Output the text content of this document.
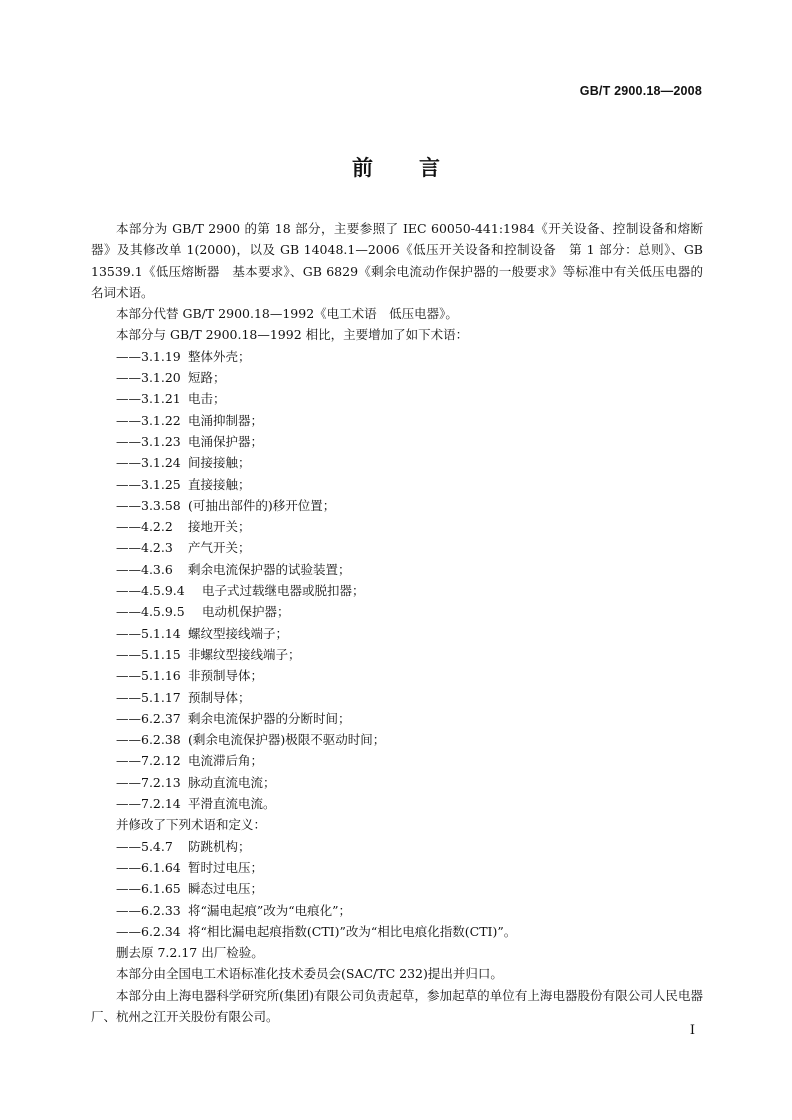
GB/T 2900.18—2008
前言

本部分为 GB/T 2900 的第 18 部分，主要参照了 IEC 60050-441:1984《开关设备、控制设备和熔断器》及其修改单 1(2000)，以及 GB 14048.1—2006《低压开关设备和控制设备　第 1 部分：总则》、GB 13539.1《低压熔断器　基本要求》、GB 6829《剩余电流动作保护器的一般要求》等标准中有关低压电器的名词术语。

本部分代替 GB/T 2900.18—1992《电工术语　低压电器》。

本部分与 GB/T 2900.18—1992 相比，主要增加了如下术语：

——3.1.19 整体外壳；

——3.1.20 短路；

——3.1.21 电击；

——3.1.22 电涌抑制器；

——3.1.23 电涌保护器；

——3.1.24 间接接触；

——3.1.25 直接接触；

——3.3.58 (可抽出部件的)移开位置；

——4.2.2 接地开关；

——4.2.3 产气开关；

——4.3.6 剩余电流保护器的试验装置；

——4.5.9.4 电子式过载继电器或脱扣器；

——4.5.9.5 电动机保护器；

——5.1.14 螺纹型接线端子；

——5.1.15 非螺纹型接线端子；

——5.1.16 非预制导体；

——5.1.17 预制导体；

——6.2.37 剩余电流保护器的分断时间；

——6.2.38 (剩余电流保护器)极限不驱动时间；

——7.2.12 电流滞后角；

——7.2.13 脉动直流电流；

——7.2.14 平滑直流电流。

并修改了下列术语和定义：

——5.4.7 防跳机构；

——6.1.64 暂时过电压；

——6.1.65 瞬态过电压；

——6.2.33 将“漏电起痕”改为“电痕化”；

——6.2.34 将“相比漏电起痕指数(CTI)”改为“相比电痕化指数(CTI)”。

删去原 7.2.17 出厂检验。

本部分由全国电工术语标准化技术委员会(SAC/TC 232)提出并归口。

本部分由上海电器科学研究所(集团)有限公司负责起草，参加起草的单位有上海电器股份有限公司人民电器厂、杭州之江开关股份有限公司。

I
